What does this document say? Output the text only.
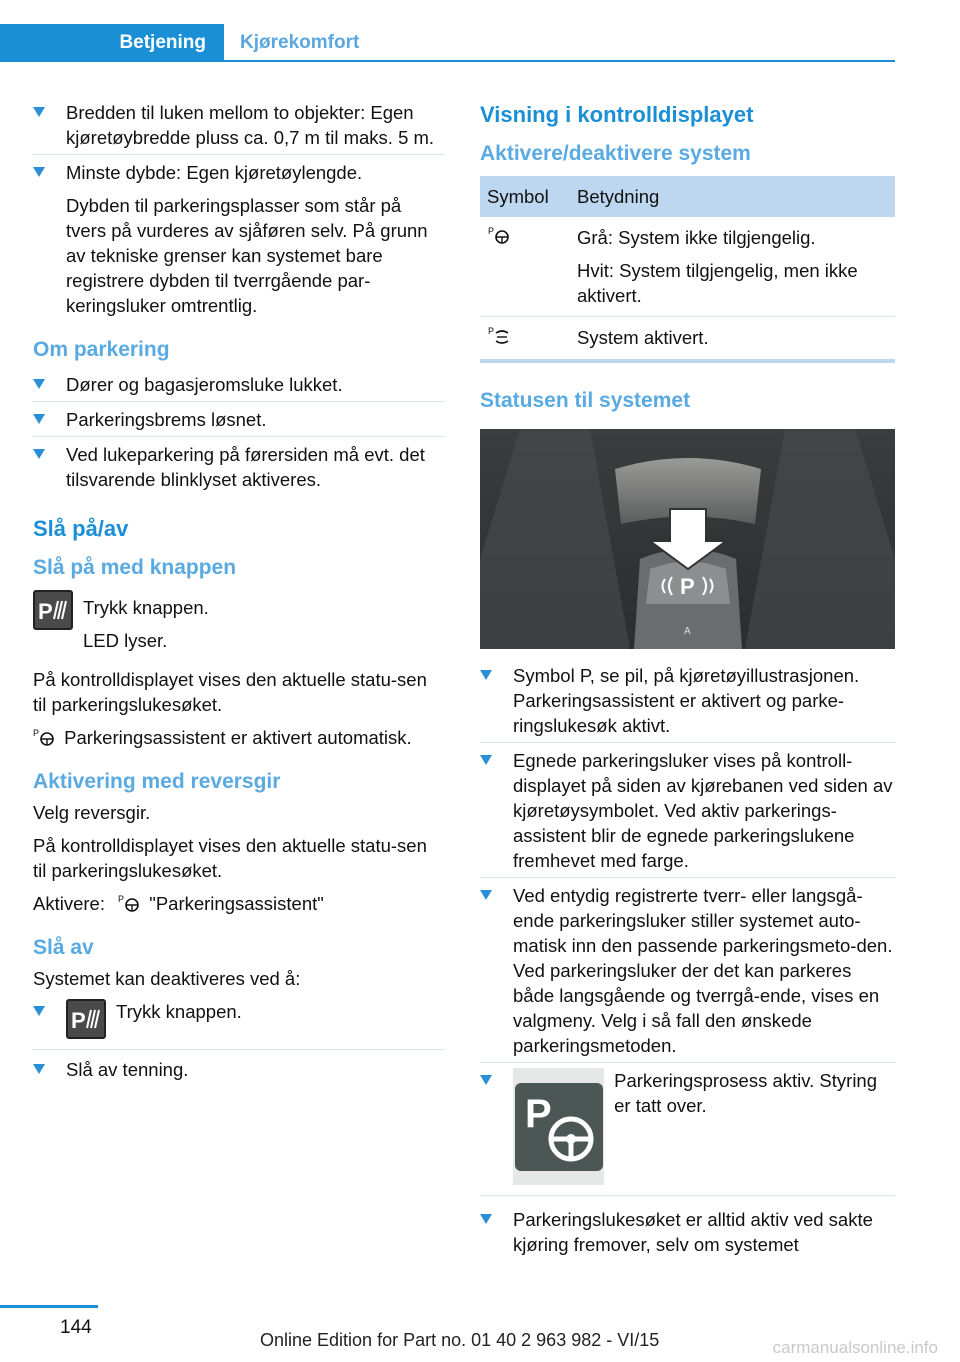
Betjening	Kjørekomfort

Bredden til luken mellom to objekter: Egen kjøretøybredde pluss ca. 0,7 m til maks. 5 m.

Minste dybde: Egen kjøretøylengde.

Dybden til parkeringsplasser som står på tvers på vurderes av sjåføren selv. På grunn av tekniske grenser kan systemet bare registrere dybden til tverrgående par‐keringsluker omtrentlig.

Om parkering

Dører og bagasjeromsluke lukket.

Parkeringsbrems løsnet.

Ved lukeparkering på førersiden må evt. det tilsvarende blinklyset aktiveres.

Slå på/av
Slå på med knappen
P Trykk knappen.
LED lyser.

På kontrolldisplayet vises den aktuelle statu‐sen til parkeringslukesøket.

P Parkeringsassistent er aktivert automatisk.

Aktivering med reversgir

Velg reversgir.

På kontrolldisplayet vises den aktuelle statu‐sen til parkeringslukesøket.

Aktivere: P "Parkeringsassistent"

Slå av

Systemet kan deaktiveres ved å:

P Trykk knappen.

Slå av tenning.

Visning i kontrolldisplayet
Aktivere/deaktivere system
Symbol	Betydning

P	Grå: System ikke tilgjengelig.

Hvit: System tilgjengelig, men ikke aktivert.

P	System aktivert.
Statusen til systemet
P
A

Symbol P, se pil, på kjøretøyillustrasjonen. Parkeringsassistent er aktivert og parke‐ringslukesøk aktivt.

Egnede parkeringsluker vises på kontroll‐displayet på siden av kjørebanen ved siden av kjøretøysymbolet. Ved aktiv parkerings‐assistent blir de egnede parkeringslukene fremhevet med farge.

Ved entydig registrerte tverr- eller langsgå‐ende parkeringsluker stiller systemet auto‐matisk inn den passende parkeringsmeto‐den. Ved parkeringsluker der det kan parkeres både langsgående og tverrgå‐ende, vises en valgmeny. Velg i så fall den ønskede parkeringsmetoden.

P

Parkeringsprosess aktiv. Styring er tatt over.

Parkeringslukesøket er alltid aktiv ved sakte kjøring fremover, selv om systemet

144
Online Edition for Part no. 01 40 2 963 982 - VI/15	carmanualsonline.info
